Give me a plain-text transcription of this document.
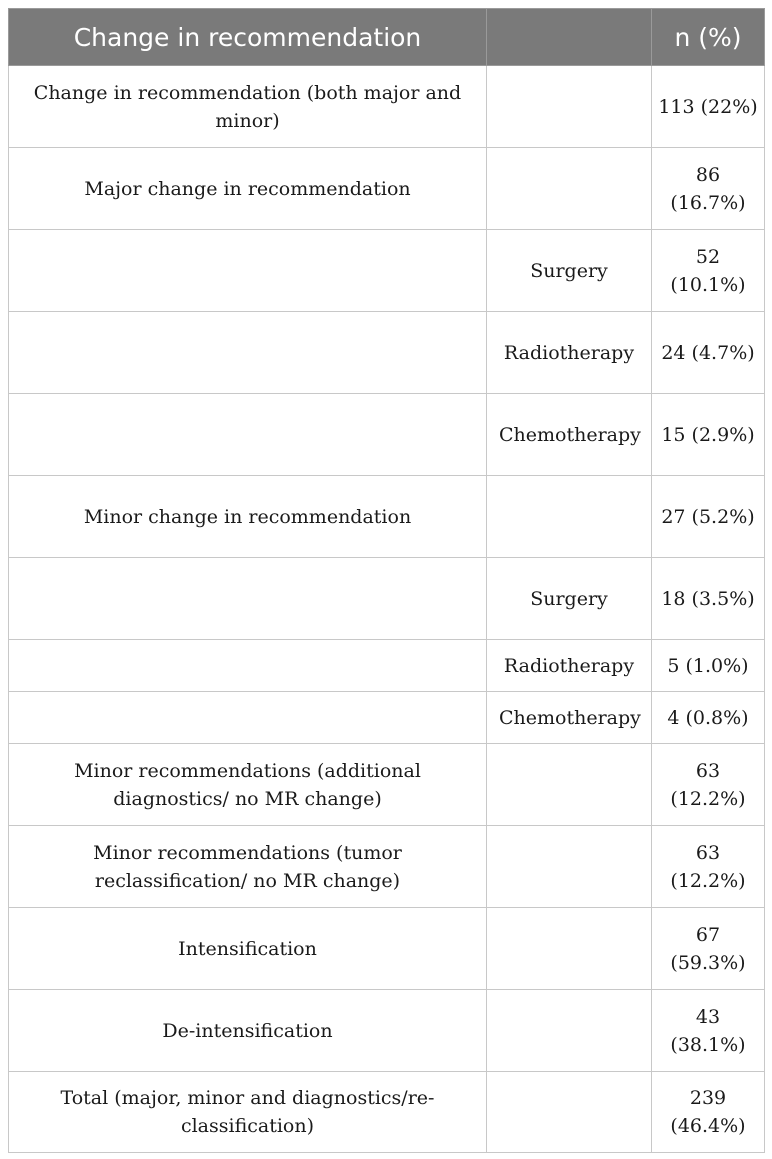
Change in recommendation		n (%)
Change in recommendation (both major and minor)		113 (22%)
Major change in recommendation		86 (16.7%)
	Surgery	52 (10.1%)
	Radiotherapy	24 (4.7%)
	Chemotherapy	15 (2.9%)
Minor change in recommendation		27 (5.2%)
	Surgery	18 (3.5%)
	Radiotherapy	5 (1.0%)
	Chemotherapy	4 (0.8%)
Minor recommendations (additional diagnostics/ no MR change)		63 (12.2%)
Minor recommendations (tumor reclassification/ no MR change)		63 (12.2%)
Intensification		67 (59.3%)
De-intensification		43 (38.1%)
Total (major, minor and diagnostics/re-classification)		239 (46.4%)
